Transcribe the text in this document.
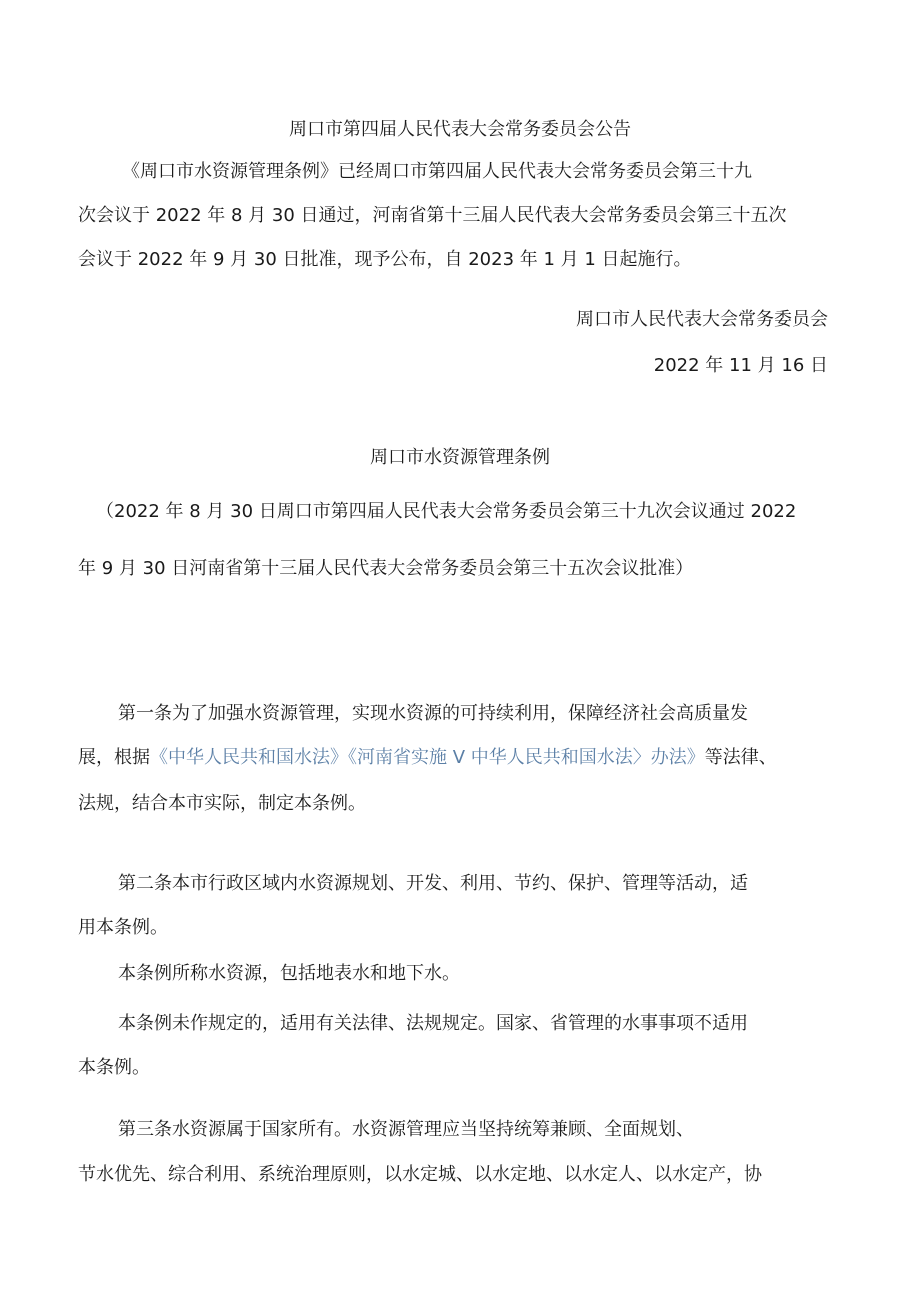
周口市第四届人民代表大会常务委员会公告
《周口市水资源管理条例》已经周口市第四届人民代表大会常务委员会第三十九
次会议于 2022 年 8 月 30 日通过，河南省第十三届人民代表大会常务委员会第三十五次
会议于 2022 年 9 月 30 日批准，现予公布，自 2023 年 1 月 1 日起施行。
周口市人民代表大会常务委员会
2022 年 11 月 16 日
周口市水资源管理条例
（2022 年 8 月 30 日周口市第四届人民代表大会常务委员会第三十九次会议通过 2022
年 9 月 30 日河南省第十三届人民代表大会常务委员会第三十五次会议批准）
第一条为了加强水资源管理，实现水资源的可持续利用，保障经济社会高质量发
展，根据《中华人民共和国水法》《河南省实施 V 中华人民共和国水法〉办法》等法律、
法规，结合本市实际，制定本条例。
第二条本市行政区域内水资源规划、开发、利用、节约、保护、管理等活动，适
用本条例。
本条例所称水资源，包括地表水和地下水。
本条例未作规定的，适用有关法律、法规规定。国家、省管理的水事事项不适用
本条例。
第三条水资源属于国家所有。水资源管理应当坚持统筹兼顾、全面规划、
节水优先、综合利用、系统治理原则，以水定城、以水定地、以水定人、以水定产，协
